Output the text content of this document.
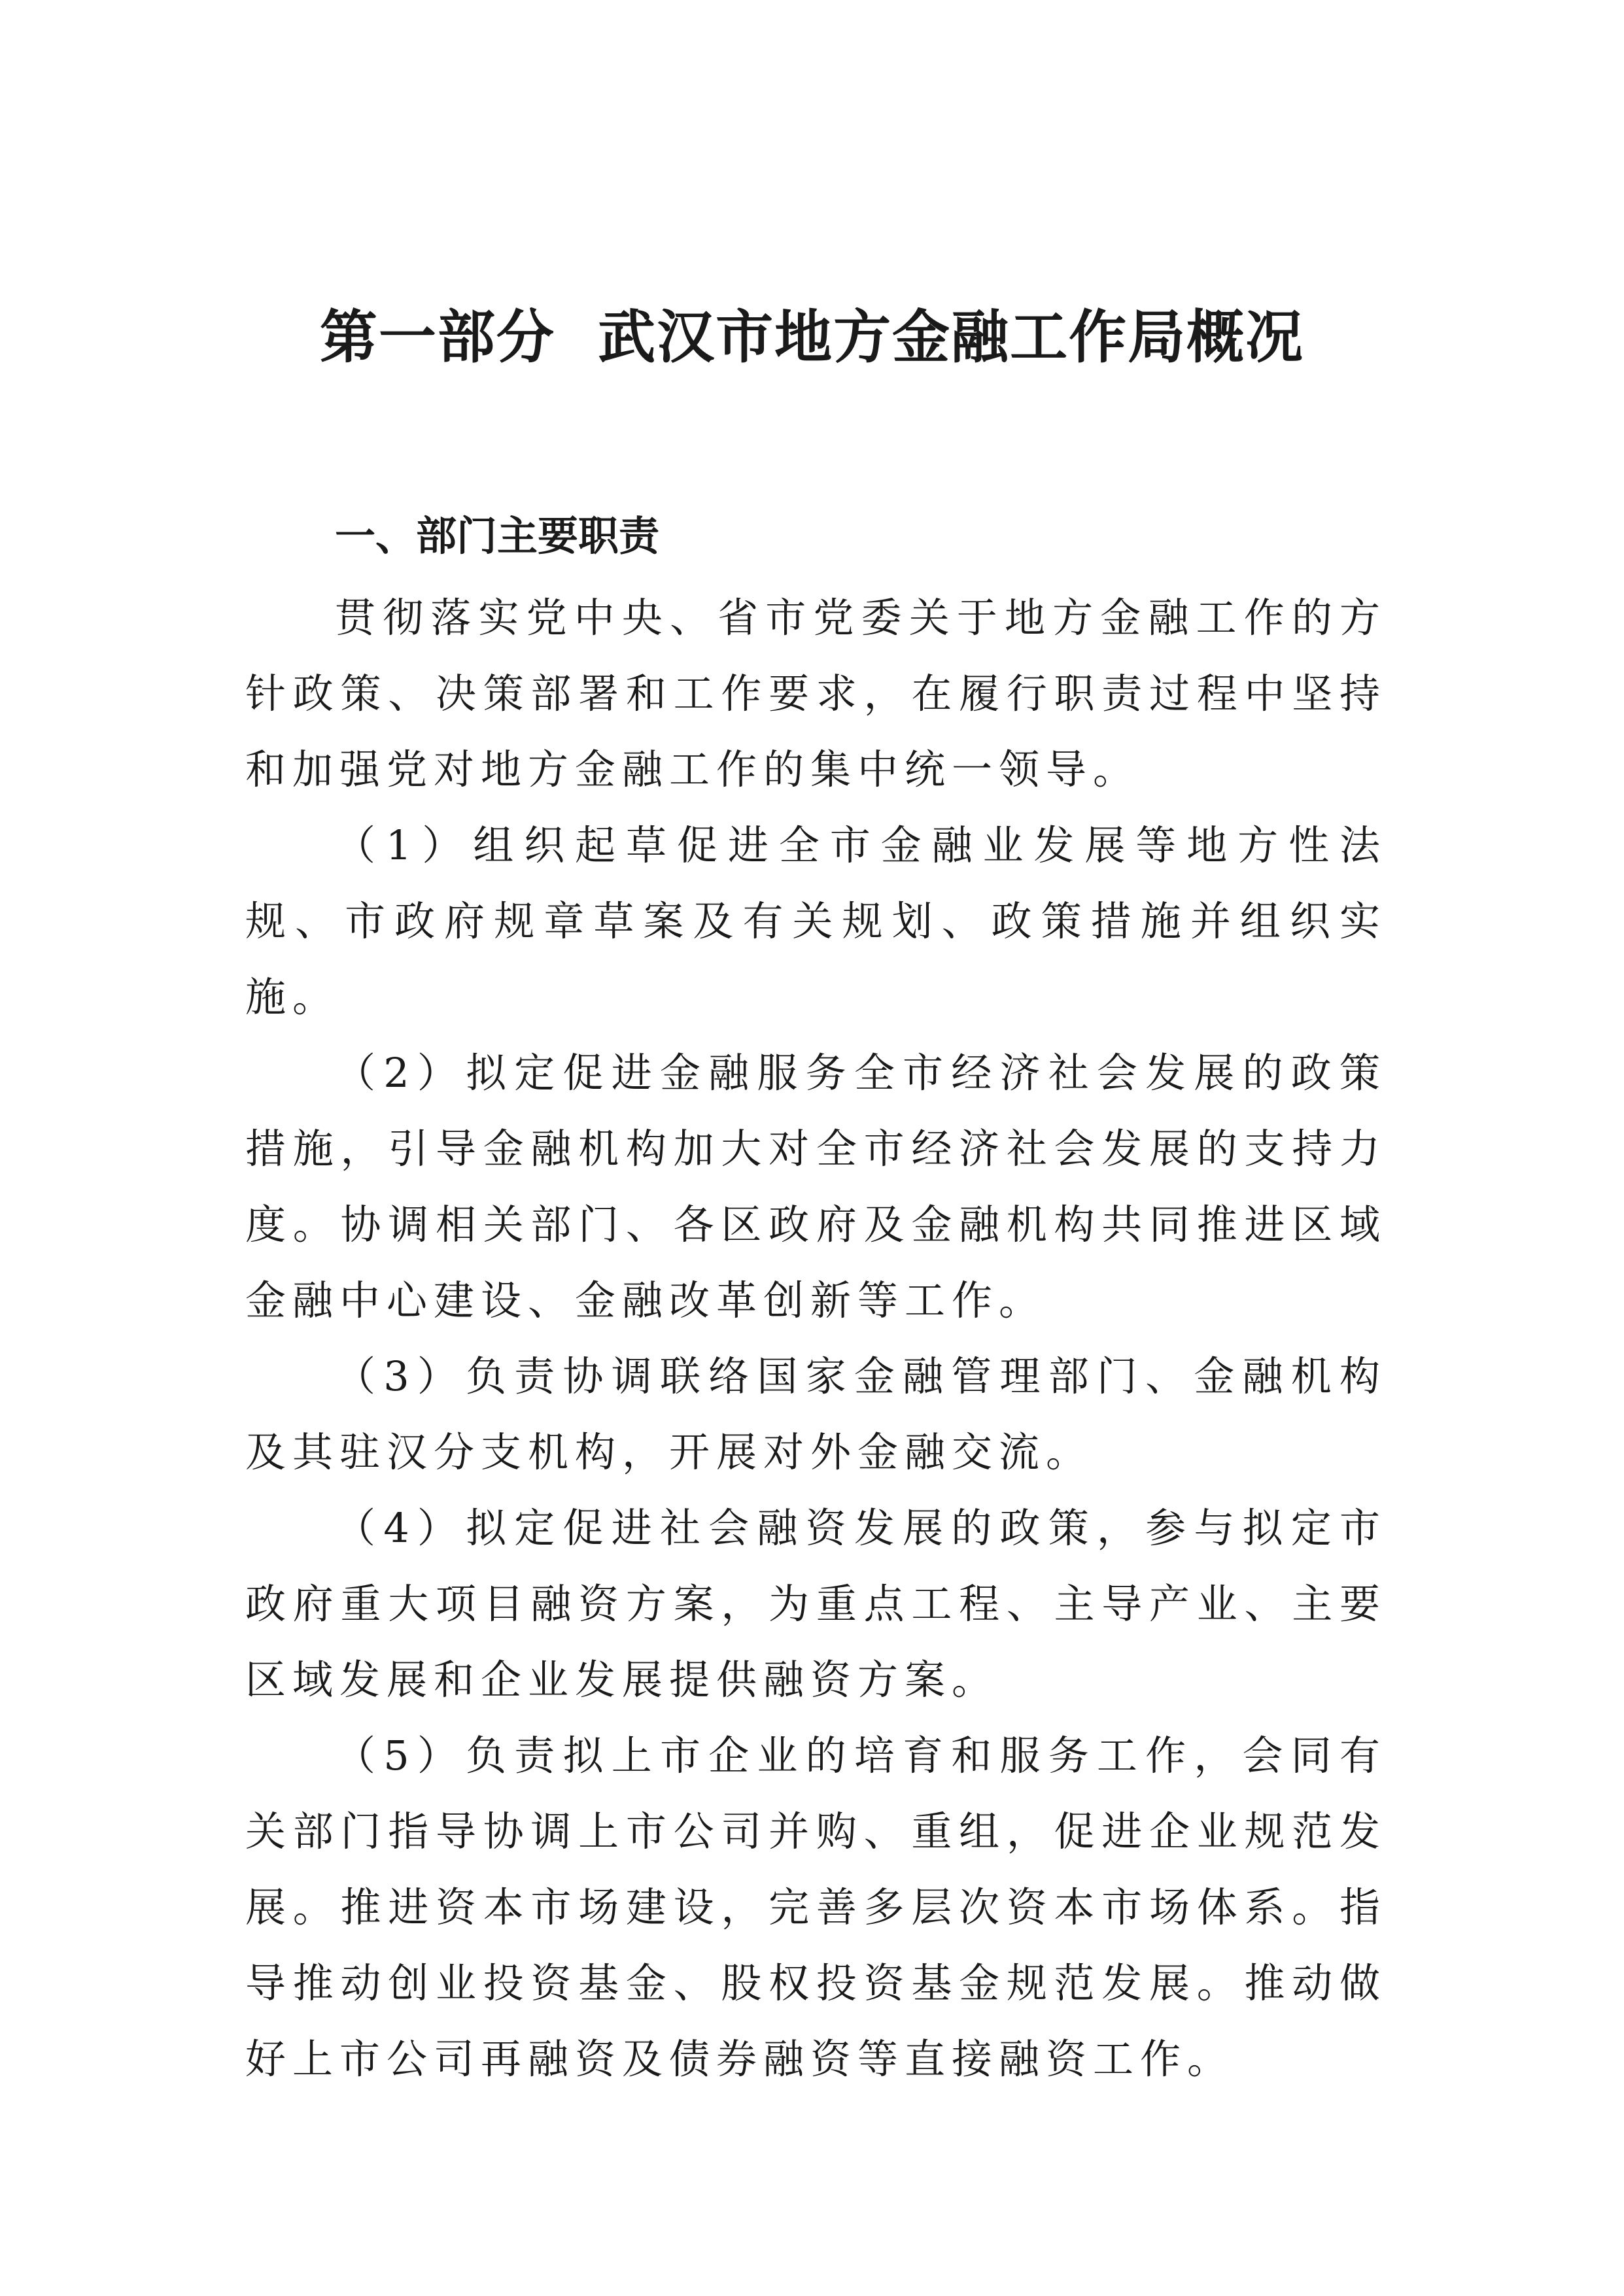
第一部分  武汉市地方金融工作局概况
一、部门主要职责

贯彻落实党中央、省市党委关于地方金融工作的方针政策、决策部署和工作要求，在履行职责过程中坚持和加强党对地方金融工作的集中统一领导。

（1）组织起草促进全市金融业发展等地方性法规、市政府规章草案及有关规划、政策措施并组织实施。

（2）拟定促进金融服务全市经济社会发展的政策措施，引导金融机构加大对全市经济社会发展的支持力度。协调相关部门、各区政府及金融机构共同推进区域金融中心建设、金融改革创新等工作。

（3）负责协调联络国家金融管理部门、金融机构及其驻汉分支机构，开展对外金融交流。

（4）拟定促进社会融资发展的政策，参与拟定市政府重大项目融资方案，为重点工程、主导产业、主要区域发展和企业发展提供融资方案。

（5）负责拟上市企业的培育和服务工作，会同有关部门指导协调上市公司并购、重组，促进企业规范发展。推进资本市场建设，完善多层次资本市场体系。指导推动创业投资基金、股权投资基金规范发展。推动做好上市公司再融资及债券融资等直接融资工作。
